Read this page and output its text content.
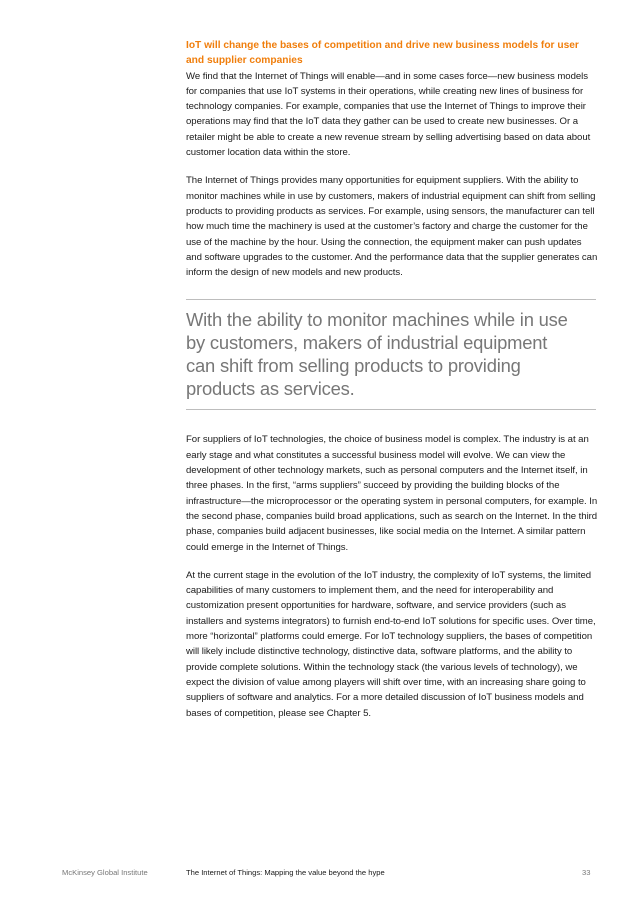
IoT will change the bases of competition and drive new business models for user and supplier companies

We find that the Internet of Things will enable—and in some cases force—new business models for companies that use IoT systems in their operations, while creating new lines of business for technology companies. For example, companies that use the Internet of Things to improve their operations may find that the IoT data they gather can be used to create new businesses. Or a retailer might be able to create a new revenue stream by selling advertising based on data about customer location data within the store.

The Internet of Things provides many opportunities for equipment suppliers. With the ability to monitor machines while in use by customers, makers of industrial equipment can shift from selling products to providing products as services. For example, using sensors, the manufacturer can tell how much time the machinery is used at the customer’s factory and charge the customer for the use of the machine by the hour. Using the connection, the equipment maker can push updates and software upgrades to the customer. And the performance data that the supplier generates can inform the design of new models and new products.

With the ability to monitor machines while in use by customers, makers of industrial equipment can shift from selling products to providing products as services.

For suppliers of IoT technologies, the choice of business model is complex. The industry is at an early stage and what constitutes a successful business model will evolve. We can view the development of other technology markets, such as personal computers and the Internet itself, in three phases. In the first, “arms suppliers” succeed by providing the building blocks of the infrastructure—the microprocessor or the operating system in personal computers, for example. In the second phase, companies build broad applications, such as search on the Internet. In the third phase, companies build adjacent businesses, like social media on the Internet. A similar pattern could emerge in the Internet of Things.

At the current stage in the evolution of the IoT industry, the complexity of IoT systems, the limited capabilities of many customers to implement them, and the need for interoperability and customization present opportunities for hardware, software, and service providers (such as installers and systems integrators) to furnish end-to-end IoT solutions for specific uses. Over time, more “horizontal” platforms could emerge. For IoT technology suppliers, the bases of competition will likely include distinctive technology, distinctive data, software platforms, and the ability to provide complete solutions. Within the technology stack (the various levels of technology), we expect the division of value among players will shift over time, with an increasing share going to suppliers of software and analytics. For a more detailed discussion of IoT business models and bases of competition, please see Chapter 5.

McKinsey Global Institute	The Internet of Things: Mapping the value beyond the hype	33
